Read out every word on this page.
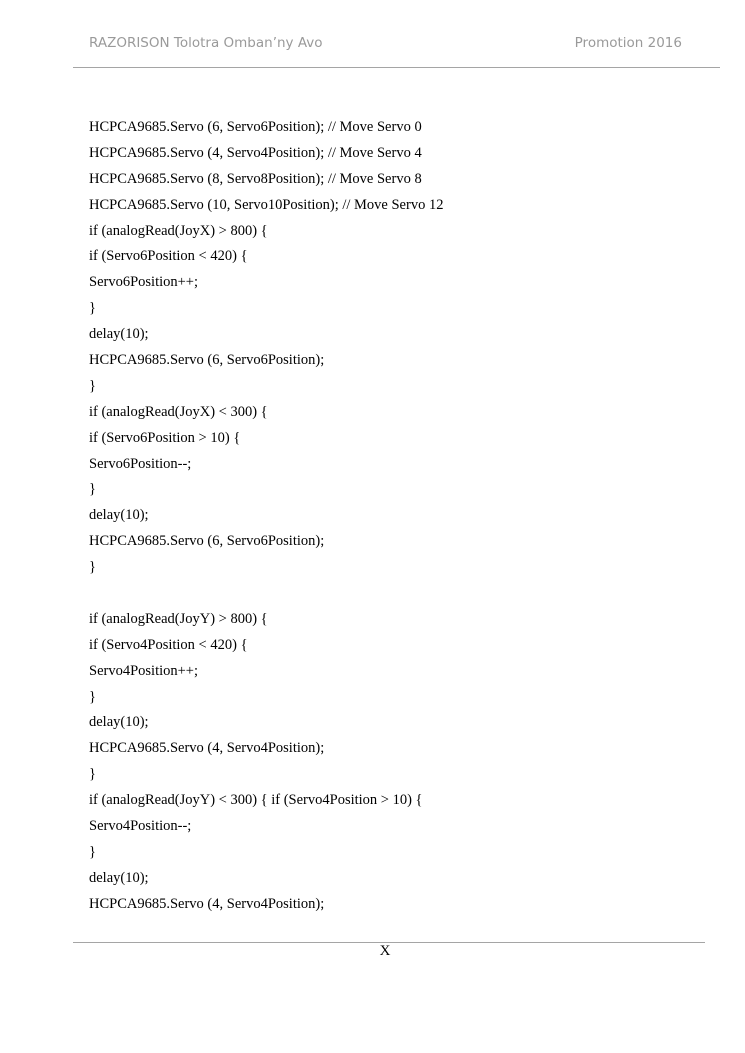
RAZORISON Tolotra Omban’ny Avo	Promotion 2016
HCPCA9685.Servo (6, Servo6Position); // Move Servo 0
HCPCA9685.Servo (4, Servo4Position); // Move Servo 4
HCPCA9685.Servo (8, Servo8Position); // Move Servo 8
HCPCA9685.Servo (10, Servo10Position); // Move Servo 12
if (analogRead(JoyX) > 800) {
if (Servo6Position < 420) {
Servo6Position++;
}
delay(10);
HCPCA9685.Servo (6, Servo6Position);
}
if (analogRead(JoyX) < 300) {
if (Servo6Position > 10) {
Servo6Position--;
}
delay(10);
HCPCA9685.Servo (6, Servo6Position);
}
if (analogRead(JoyY) > 800) {
if (Servo4Position < 420) {
Servo4Position++;
}
delay(10);
HCPCA9685.Servo (4, Servo4Position);
}
if (analogRead(JoyY) < 300) { if (Servo4Position > 10) {
Servo4Position--;
}
delay(10);
HCPCA9685.Servo (4, Servo4Position);
X
